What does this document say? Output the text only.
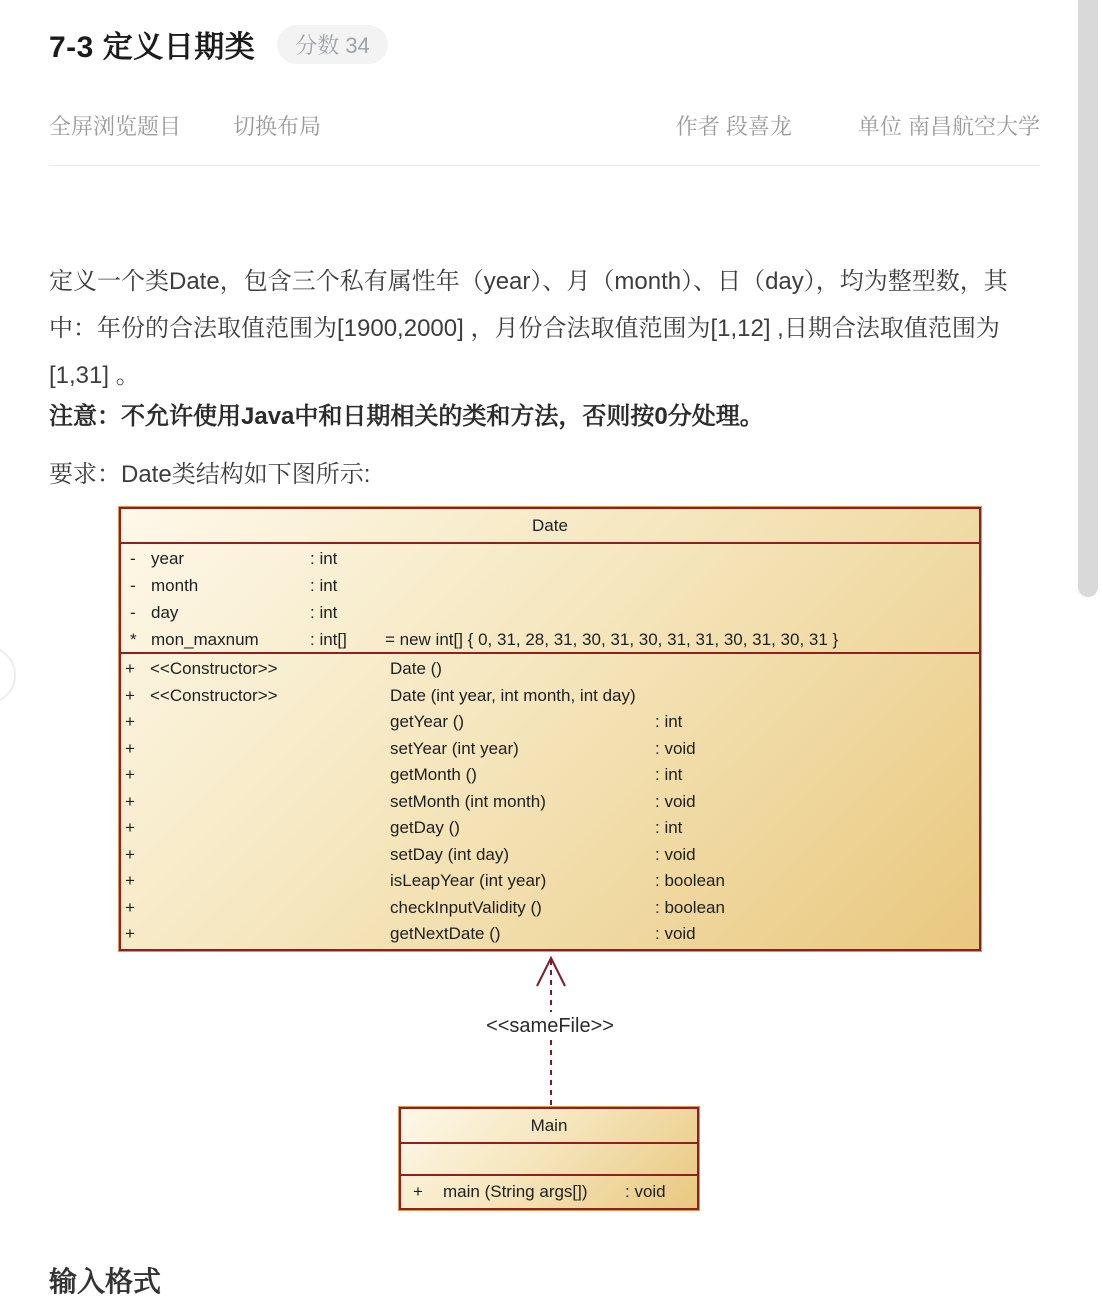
7-3 定义日期类	分数 34
全屏浏览题目 切换布局	作者 段喜龙	单位 南昌航空大学

定义一个类Date，包含三个私有属性年（year）、月（month）、日（day），均为整型数，其中：年份的合法取值范围为[1900,2000] ，月份合法取值范围为[1,12] ,日期合法取值范围为[1,31] 。

注意：不允许使用Java中和日期相关的类和方法，否则按0分处理。

要求：Date类结构如下图所示:

Date
- year	: int
- month	: int
- day	: int
* mon_maxnum	: int[]	= new int[] { 0, 31, 28, 31, 30, 31, 30, 31, 31, 30, 31, 30, 31 }
+ <<Constructor>>	Date ()
+ <<Constructor>>	Date (int year, int month, int day)
+	getYear ()	: int
+	setYear (int year)	: void
+	getMonth ()	: int
+	setMonth (int month)	: void
+	getDay ()	: int
+	setDay (int day)	: void
+	isLeapYear (int year)	: boolean
+	checkInputValidity ()	: boolean
+	getNextDate ()	: void
<<sameFile>>
Main
+	main (String args[])	: void
输入格式
